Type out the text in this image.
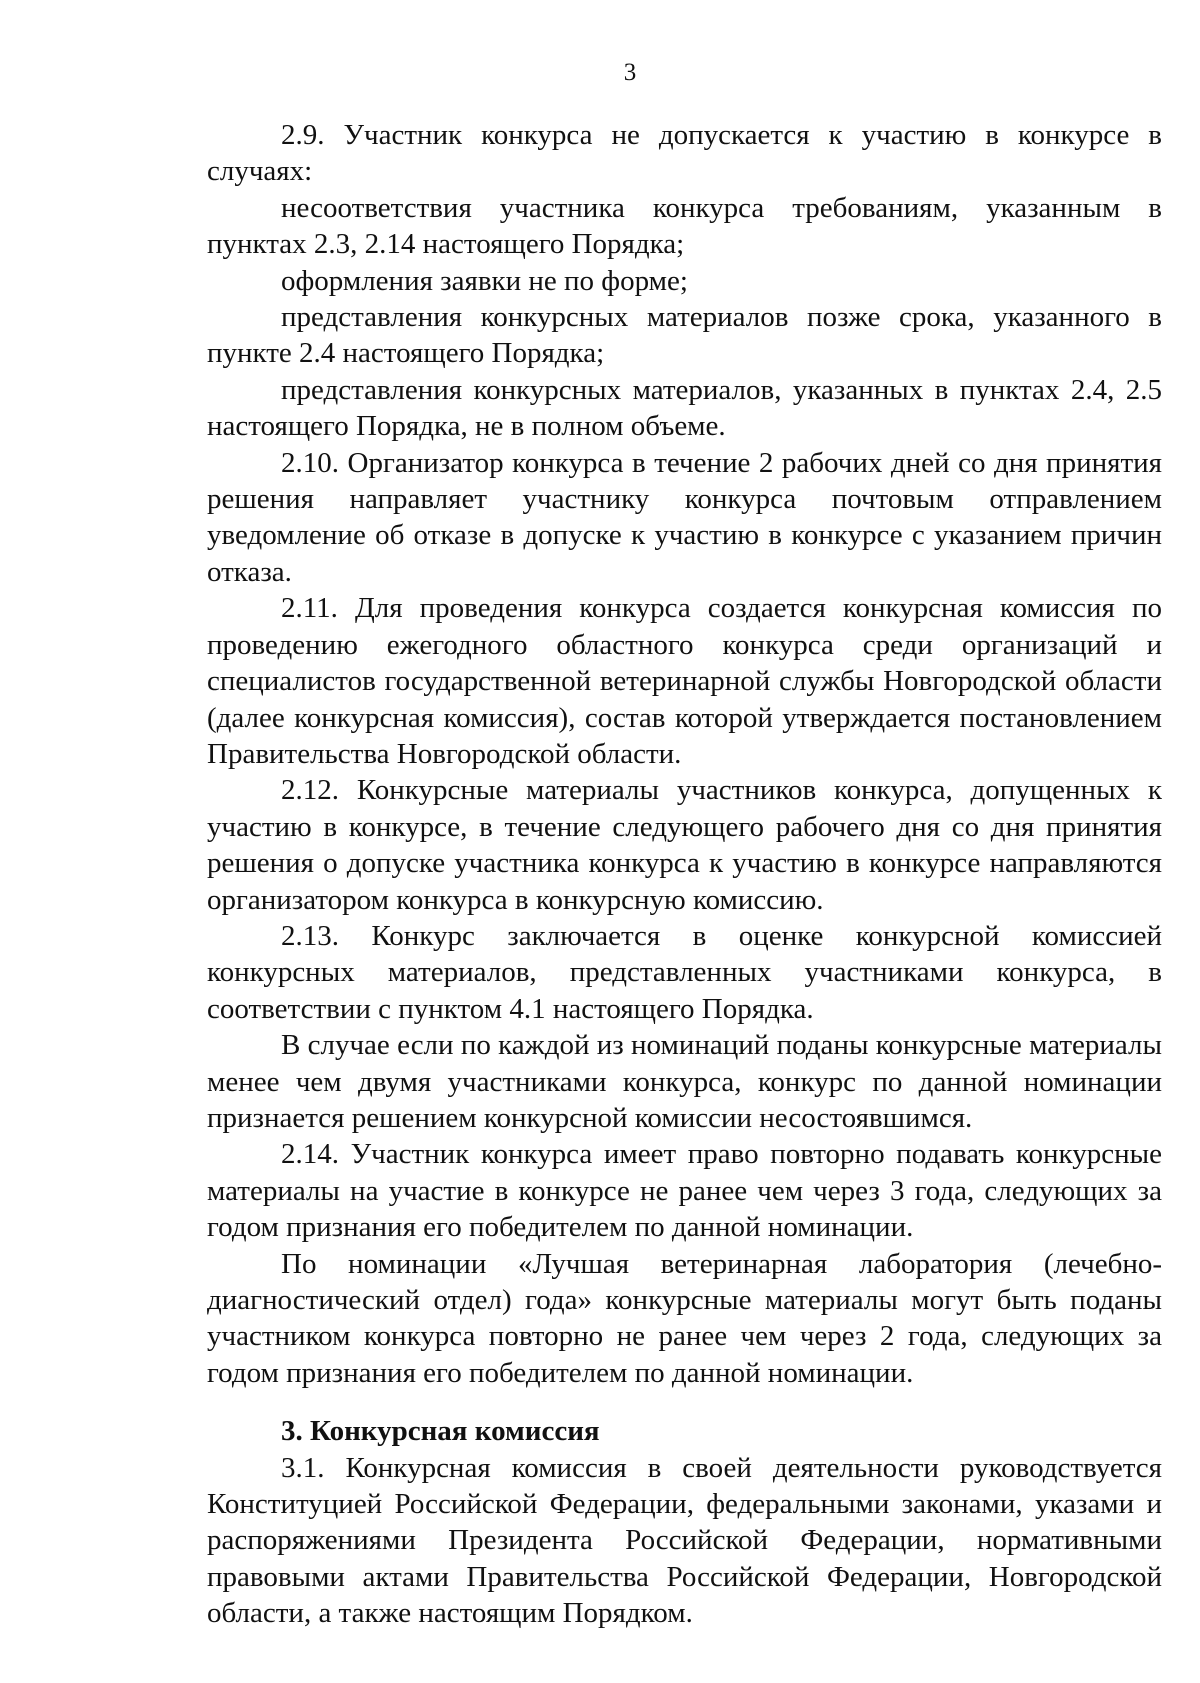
3

2.9. Участник конкурса не допускается к участию в конкурсе в случаях:

несоответствия участника конкурса требованиям, указанным в пунктах 2.3, 2.14 настоящего Порядка;

оформления заявки не по форме;

представления конкурсных материалов позже срока, указанного в пункте 2.4 настоящего Порядка;

представления конкурсных материалов, указанных в пунктах 2.4, 2.5 настоящего Порядка, не в полном объеме.

2.10. Организатор конкурса в течение 2 рабочих дней со дня принятия решения направляет участнику конкурса почтовым отправлением уведомление об отказе в допуске к участию в конкурсе с указанием причин отказа.

2.11. Для проведения конкурса создается конкурсная комиссия по проведению ежегодного областного конкурса среди организаций и специалистов государственной ветеринарной службы Новгородской области (далее конкурсная комиссия), состав которой утверждается постановлением Правительства Новгородской области.

2.12. Конкурсные материалы участников конкурса, допущенных к участию в конкурсе, в течение следующего рабочего дня со дня принятия решения о допуске участника конкурса к участию в конкурсе направляются организатором конкурса в конкурсную комиссию.

2.13. Конкурс заключается в оценке конкурсной комиссией конкурсных материалов, представленных участниками конкурса, в соответствии с пунктом 4.1 настоящего Порядка.

В случае если по каждой из номинаций поданы конкурсные материалы менее чем двумя участниками конкурса, конкурс по данной номинации признается решением конкурсной комиссии несостоявшимся.

2.14. Участник конкурса имеет право повторно подавать конкурсные материалы на участие в конкурсе не ранее чем через 3 года, следующих за годом признания его победителем по данной номинации.

По номинации «Лучшая ветеринарная лаборатория (лечебно-диагностический отдел) года» конкурсные материалы могут быть поданы участником конкурса повторно не ранее чем через 2 года, следующих за годом признания его победителем по данной номинации.

3. Конкурсная комиссия

3.1. Конкурсная комиссия в своей деятельности руководствуется Конституцией Российской Федерации, федеральными законами, указами и распоряжениями Президента Российской Федерации, нормативными правовыми актами Правительства Российской Федерации, Новгородской области, а также настоящим Порядком.
